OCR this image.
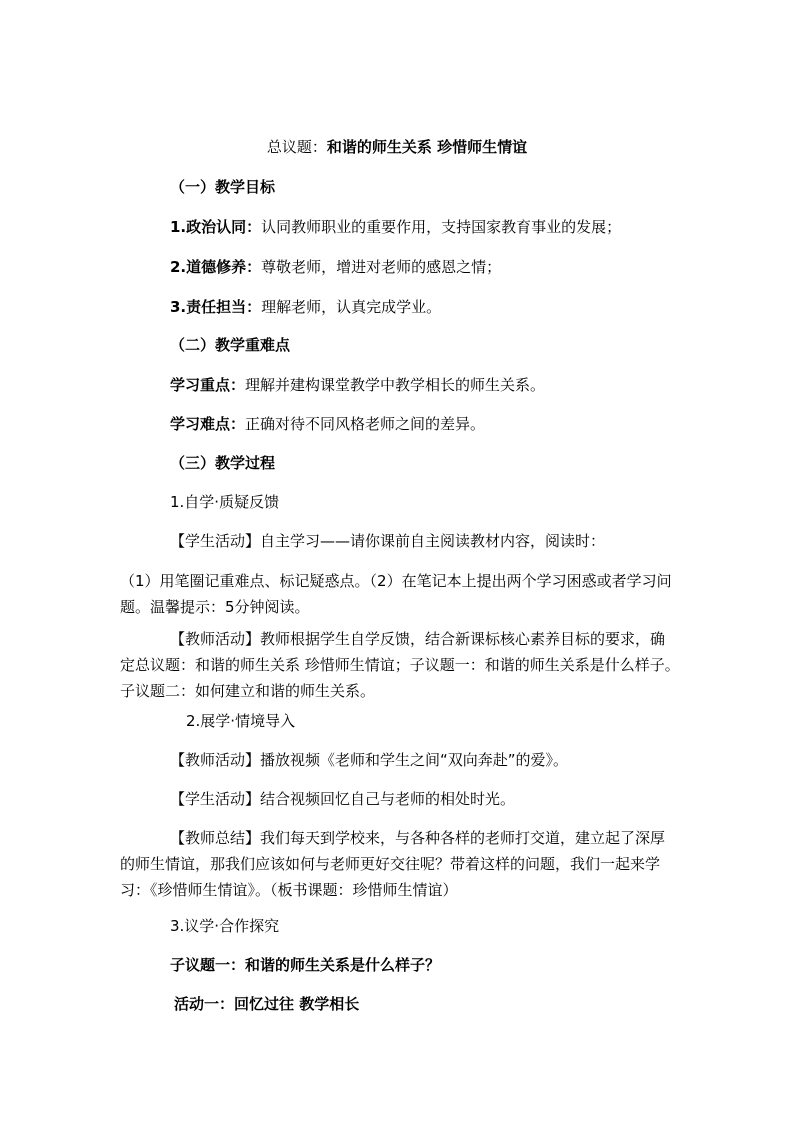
总议题：和谐的师生关系 珍惜师生情谊
（一）教学目标
1.政治认同：认同教师职业的重要作用，支持国家教育事业的发展；
2.道德修养：尊敬老师，增进对老师的感恩之情；
3.责任担当：理解老师，认真完成学业。
（二）教学重难点
学习重点：理解并建构课堂教学中教学相长的师生关系。
学习难点：正确对待不同风格老师之间的差异。
（三）教学过程
1.自学·质疑反馈
【学生活动】自主学习——请你课前自主阅读教材内容，阅读时：
（1）用笔圈记重难点、标记疑惑点。（2）在笔记本上提出两个学习困惑或者学习问题。温馨提示：5分钟阅读。
【教师活动】教师根据学生自学反馈，结合新课标核心素养目标的要求，确定总议题：和谐的师生关系 珍惜师生情谊；子议题一：和谐的师生关系是什么样子。子议题二：如何建立和谐的师生关系。
2.展学·情境导入
【教师活动】播放视频《老师和学生之间“双向奔赴”的爱》。
【学生活动】结合视频回忆自己与老师的相处时光。
【教师总结】我们每天到学校来，与各种各样的老师打交道，建立起了深厚的师生情谊，那我们应该如何与老师更好交往呢？带着这样的问题，我们一起来学习：《珍惜师生情谊》。（板书课题：珍惜师生情谊）
3.议学·合作探究
子议题一：和谐的师生关系是什么样子？
活动一：回忆过往 教学相长
